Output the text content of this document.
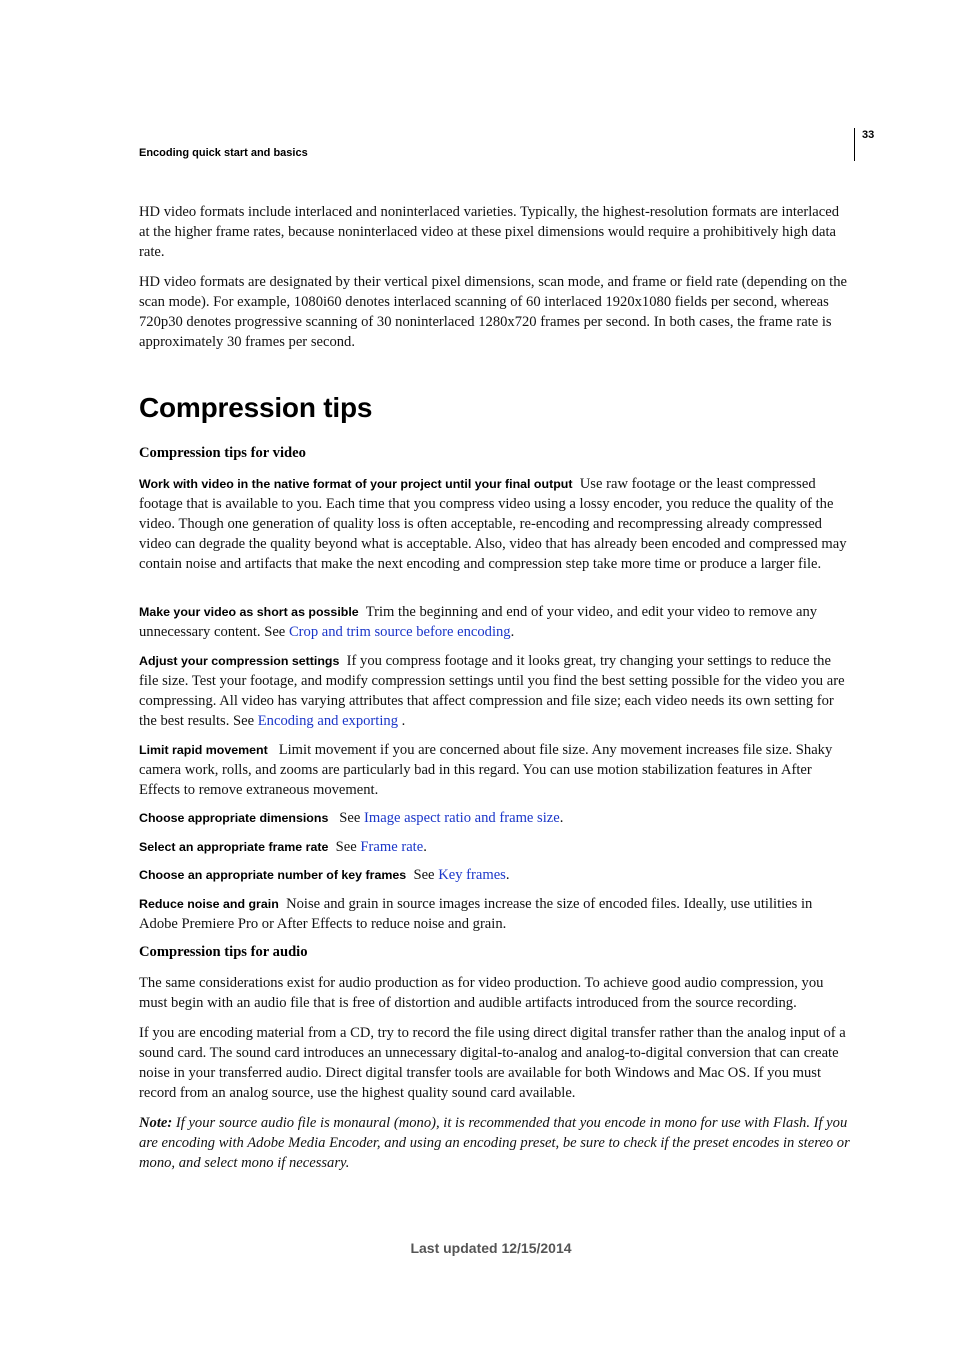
33
Encoding quick start and basics

HD video formats include interlaced and noninterlaced varieties. Typically, the highest-resolution formats are interlaced at the higher frame rates, because noninterlaced video at these pixel dimensions would require a prohibitively high data rate.

HD video formats are designated by their vertical pixel dimensions, scan mode, and frame or field rate (depending on the scan mode). For example, 1080i60 denotes interlaced scanning of 60 interlaced 1920x1080 fields per second, whereas 720p30 denotes progressive scanning of 30 noninterlaced 1280x720 frames per second. In both cases, the frame rate is approximately 30 frames per second.

Compression tips
Compression tips for video

Work with video in the native format of your project until your final output Use raw footage or the least compressed footage that is available to you. Each time that you compress video using a lossy encoder, you reduce the quality of the video. Though one generation of quality loss is often acceptable, re-encoding and recompressing already compressed video can degrade the quality beyond what is acceptable. Also, video that has already been encoded and compressed may contain noise and artifacts that make the next encoding and compression step take more time or produce a larger file.

Make your video as short as possible Trim the beginning and end of your video, and edit your video to remove any unnecessary content. See Crop and trim source before encoding.

Adjust your compression settings If you compress footage and it looks great, try changing your settings to reduce the file size. Test your footage, and modify compression settings until you find the best setting possible for the video you are compressing. All video has varying attributes that affect compression and file size; each video needs its own setting for the best results. See Encoding and exporting .

Limit rapid movement Limit movement if you are concerned about file size. Any movement increases file size. Shaky camera work, rolls, and zooms are particularly bad in this regard. You can use motion stabilization features in After Effects to remove extraneous movement.

Choose appropriate dimensions See Image aspect ratio and frame size.

Select an appropriate frame rate See Frame rate.

Choose an appropriate number of key frames See Key frames.

Reduce noise and grain Noise and grain in source images increase the size of encoded files. Ideally, use utilities in Adobe Premiere Pro or After Effects to reduce noise and grain.

Compression tips for audio

The same considerations exist for audio production as for video production. To achieve good audio compression, you must begin with an audio file that is free of distortion and audible artifacts introduced from the source recording.

If you are encoding material from a CD, try to record the file using direct digital transfer rather than the analog input of a sound card. The sound card introduces an unnecessary digital-to-analog and analog-to-digital conversion that can create noise in your transferred audio. Direct digital transfer tools are available for both Windows and Mac OS. If you must record from an analog source, use the highest quality sound card available.

Note: If your source audio file is monaural (mono), it is recommended that you encode in mono for use with Flash. If you are encoding with Adobe Media Encoder, and using an encoding preset, be sure to check if the preset encodes in stereo or mono, and select mono if necessary.

Last updated 12/15/2014
